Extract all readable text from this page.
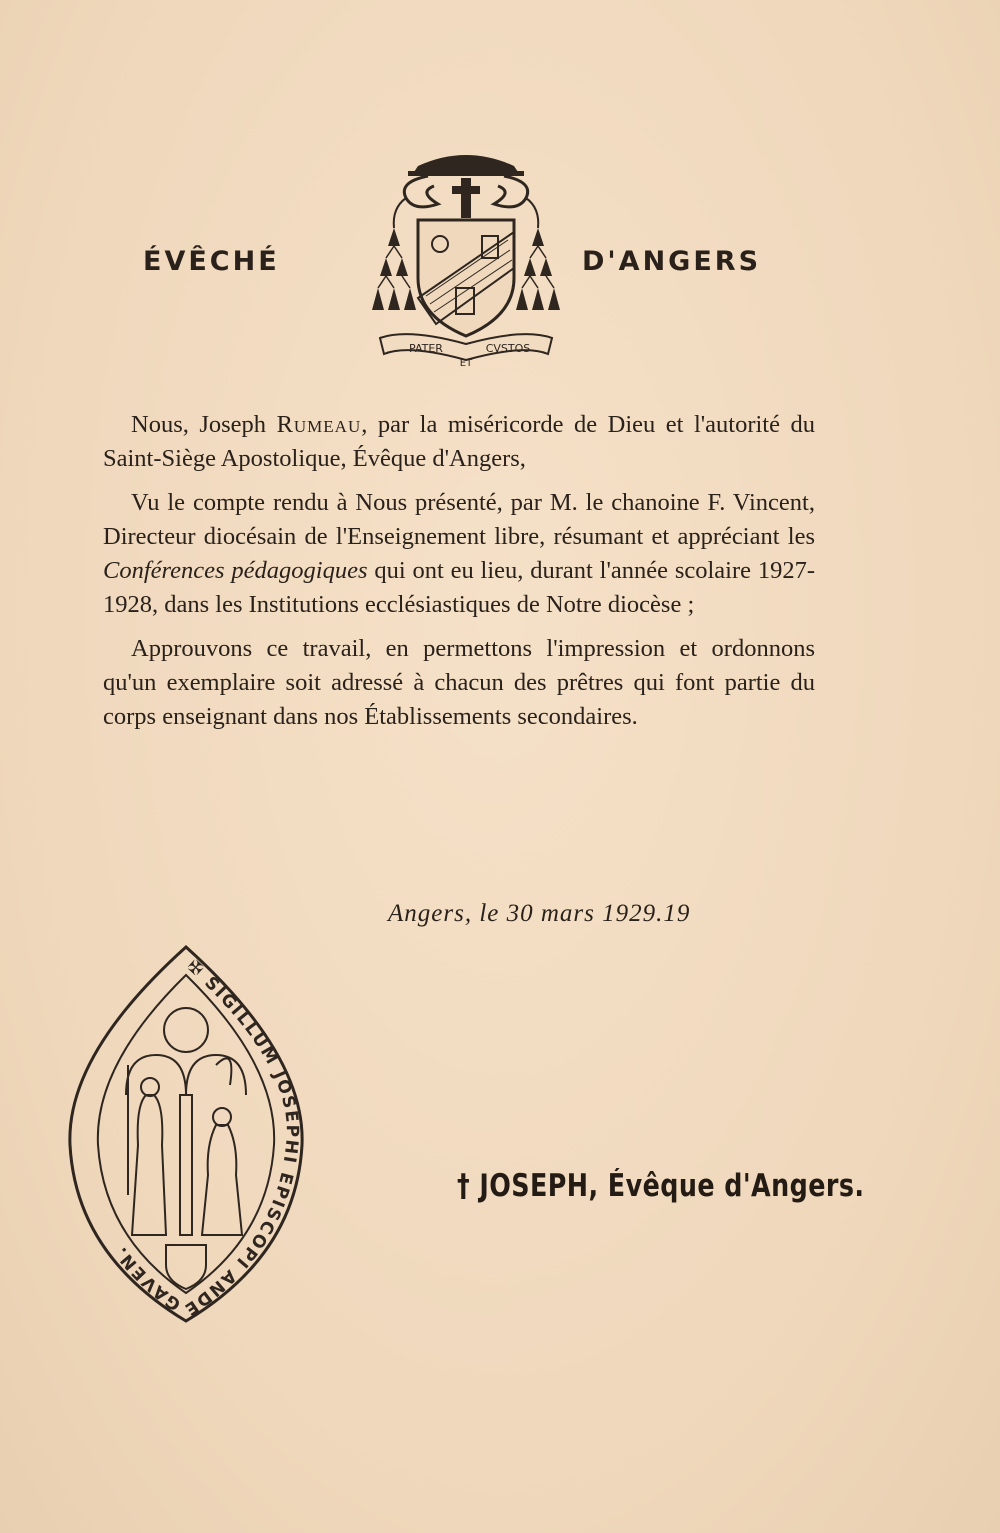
ÉVÊCHÉ
PATER
ET
CVSTOS
D'ANGERS

Nous, Joseph Rumeau, par la miséricorde de Dieu et l'autorité du Saint-Siège Apostolique, Évêque d'Angers,

Vu le compte rendu à Nous présenté, par M. le chanoine F. Vincent, Directeur diocésain de l'Enseignement libre, résumant et appréciant les Conférences pédagogiques qui ont eu lieu, durant l'année scolaire 1927-1928, dans les Institutions ecclésiastiques de Notre diocèse ;

Approuvons ce travail, en permettons l'impression et ordonnons qu'un exemplaire soit adressé à chacun des prêtres qui font partie du corps enseignant dans nos Établissements secondaires.

Angers, le 30 mars 1929.19
✠ SIGILLUM JOSEPHI EPISCOPI ANDEGAVEN.
† JOSEPH, Évêque d'Angers.
